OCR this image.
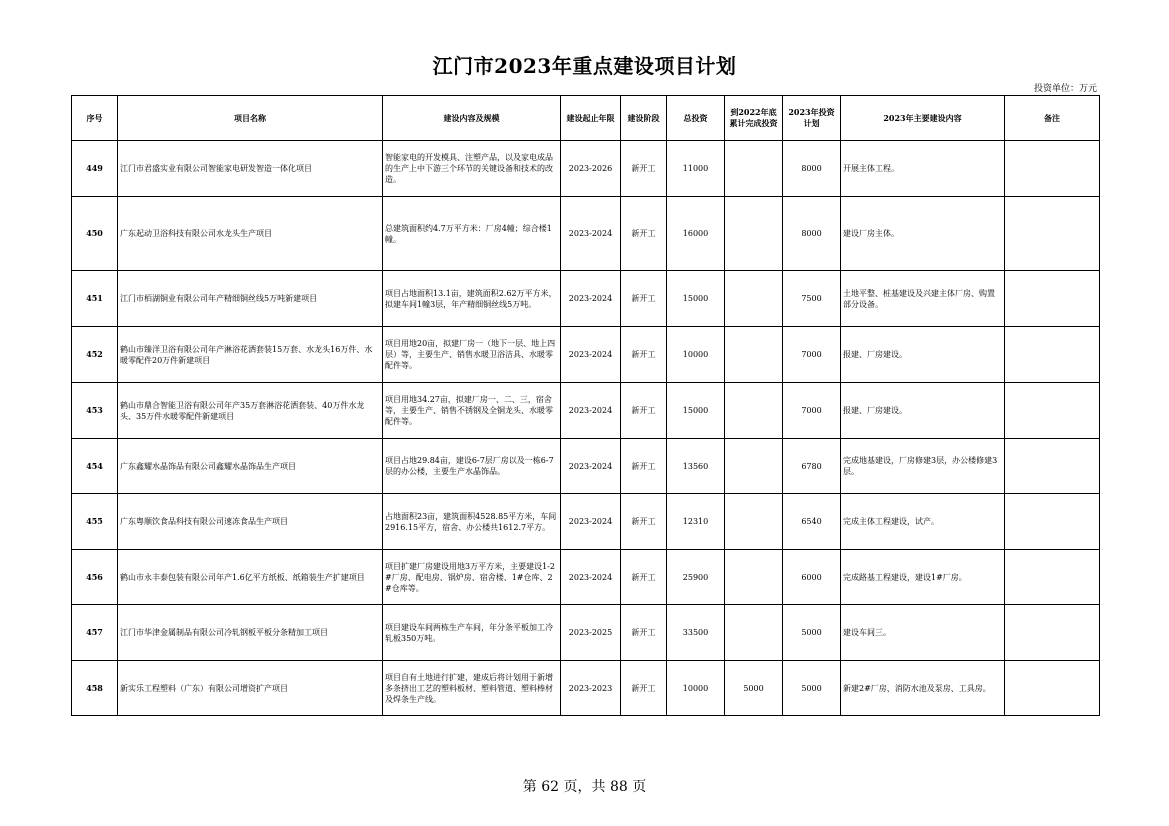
江门市2023年重点建设项目计划
投资单位：万元
序号	项目名称	建设内容及规模	建设起止年限	建设阶段	总投资	到2022年底累计完成投资	2023年投资计划	2023年主要建设内容	备注
449	江门市君盛实业有限公司智能家电研发智造一体化项目	智能家电的开发模具、注塑产品，以及家电成品的生产上中下游三个环节的关键设备和技术的改造。	2023-2026	新开工	11000		8000	开展主体工程。	
450	广东起动卫浴科技有限公司水龙头生产项目	总建筑面积约4.7万平方米：厂房4幢；综合楼1幢。	2023-2024	新开工	16000		8000	建设厂房主体。	
451	江门市栢湖铜业有限公司年产精细铜丝线5万吨新建项目	项目占地面积13.1亩，建筑面积2.62万平方米，拟建车间1幢3层，年产精细铜丝线5万吨。	2023-2024	新开工	15000		7500	土地平整、桩基建设及兴建主体厂房、购置部分设备。	
452	鹤山市臻洋卫浴有限公司年产淋浴花洒套装15万套、水龙头16万件、水暖零配件20万件新建项目	项目用地20亩，拟建厂房一（地下一层、地上四层）等，主要生产、销售水暖卫浴洁具、水暖零配件等。	2023-2024	新开工	10000		7000	报建、厂房建设。	
453	鹤山市鼎合智能卫浴有限公司年产35万套淋浴花洒套装、40万件水龙头、35万件水暖零配件新建项目	项目用地34.27亩，拟建厂房一、二、三，宿舍等，主要生产、销售不锈钢及全铜龙头、水暖零配件等。	2023-2024	新开工	15000		7000	报建、厂房建设。	
454	广东鑫耀水晶饰品有限公司鑫耀水晶饰品生产项目	项目占地29.84亩，建设6-7层厂房以及一栋6-7层的办公楼，主要生产水晶饰品。	2023-2024	新开工	13560		6780	完成地基建设，厂房修建3层，办公楼修建3层。	
455	广东粤顺饮食品科技有限公司速冻食品生产项目	占地面积23亩，建筑面积4528.85平方米，车间2916.15平方，宿舍、办公楼共1612.7平方。	2023-2024	新开工	12310		6540	完成主体工程建设，试产。	
456	鹤山市永丰泰包装有限公司年产1.6亿平方纸板、纸箱装生产扩建项目	项目扩建厂房建设用地3万平方米，主要建设1-2#厂房、配电房、锅炉房、宿舍楼、1#仓库、2#仓库等。	2023-2024	新开工	25900		6000	完成路基工程建设，建设1#厂房。	
457	江门市华津金属制品有限公司冷轧钢板平板分条精加工项目	项目建设车间两栋生产车间，年分条平板加工冷轧板350万吨。	2023-2025	新开工	33500		5000	建设车间三。	
458	新实乐工程塑料（广东）有限公司增资扩产项目	项目自有土地进行扩建，建成后将计划用于新增多条挤出工艺的塑料板材、塑料管道、塑料棒材及焊条生产线。	2023-2023	新开工	10000	5000	5000	新建2#厂房、消防水池及泵房、工具房。	
第 62 页，共 88 页
